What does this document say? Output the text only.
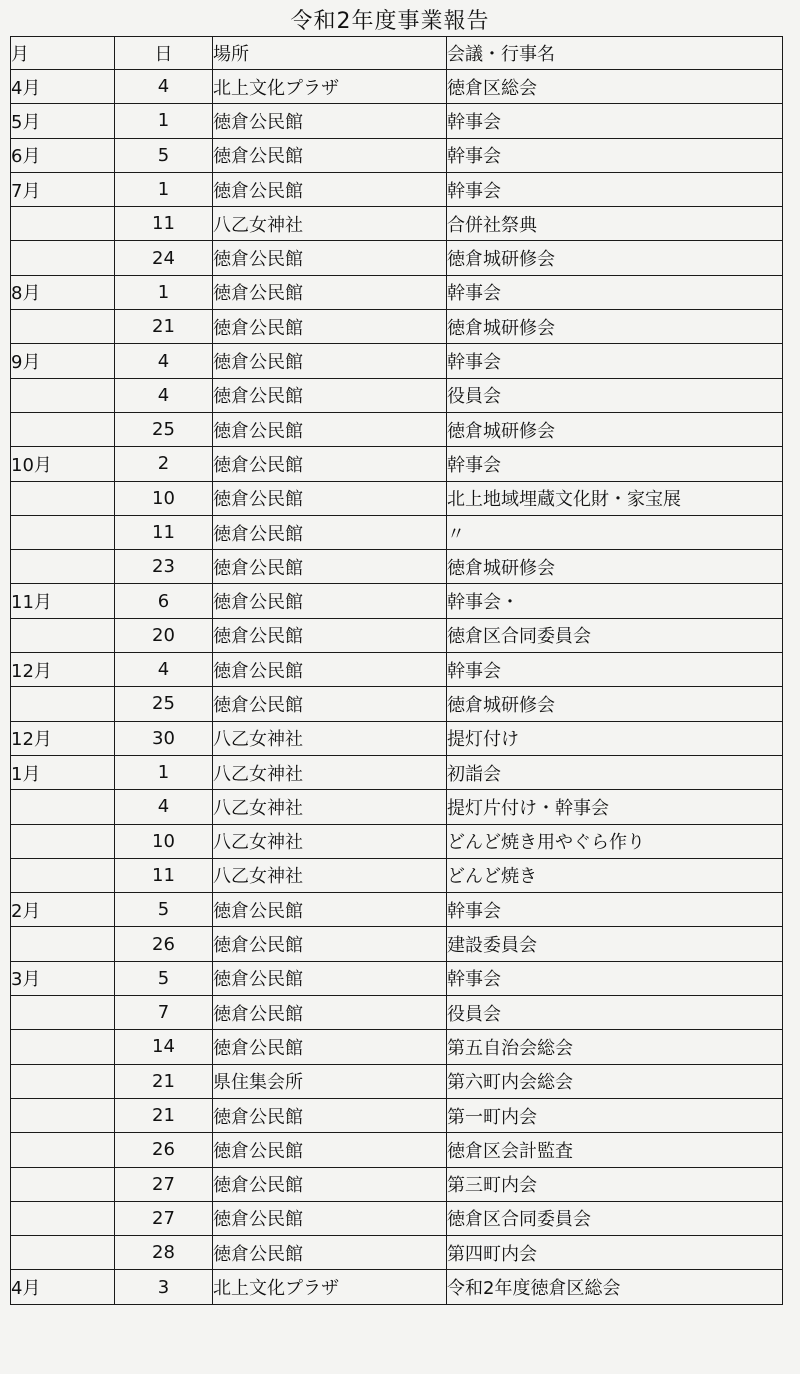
令和2年度事業報告
月	日	場所	会議・行事名
4月	4	北上文化プラザ	徳倉区総会
5月	1	徳倉公民館	幹事会
6月	5	徳倉公民館	幹事会
7月	1	徳倉公民館	幹事会
	11	八乙女神社	合併社祭典
	24	徳倉公民館	徳倉城研修会
8月	1	徳倉公民館	幹事会
	21	徳倉公民館	徳倉城研修会
9月	4	徳倉公民館	幹事会
	4	徳倉公民館	役員会
	25	徳倉公民館	徳倉城研修会
10月	2	徳倉公民館	幹事会
	10	徳倉公民館	北上地域埋蔵文化財・家宝展
	11	徳倉公民館	〃
	23	徳倉公民館	徳倉城研修会
11月	6	徳倉公民館	幹事会・
	20	徳倉公民館	徳倉区合同委員会
12月	4	徳倉公民館	幹事会
	25	徳倉公民館	徳倉城研修会
12月	30	八乙女神社	提灯付け
1月	1	八乙女神社	初詣会
	4	八乙女神社	提灯片付け・幹事会
	10	八乙女神社	どんど焼き用やぐら作り
	11	八乙女神社	どんど焼き
2月	5	徳倉公民館	幹事会
	26	徳倉公民館	建設委員会
3月	5	徳倉公民館	幹事会
	7	徳倉公民館	役員会
	14	徳倉公民館	第五自治会総会
	21	県住集会所	第六町内会総会
	21	徳倉公民館	第一町内会
	26	徳倉公民館	徳倉区会計監査
	27	徳倉公民館	第三町内会
	27	徳倉公民館	徳倉区合同委員会
	28	徳倉公民館	第四町内会
4月	3	北上文化プラザ	令和2年度徳倉区総会
